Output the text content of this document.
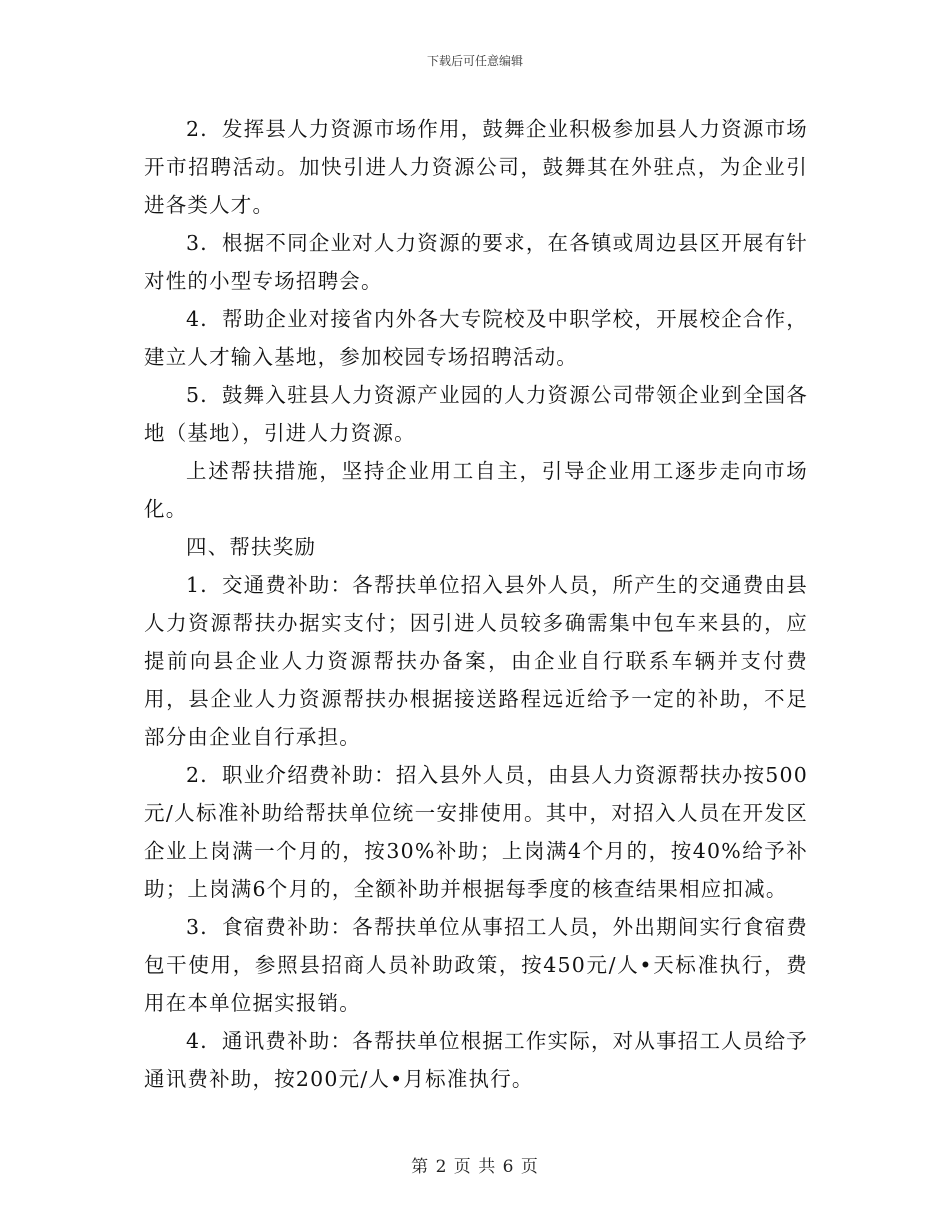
下载后可任意编辑

2．发挥县人力资源市场作用，鼓舞企业积极参加县人力资源市场开市招聘活动。加快引进人力资源公司，鼓舞其在外驻点，为企业引进各类人才。

3．根据不同企业对人力资源的要求，在各镇或周边县区开展有针对性的小型专场招聘会。

4．帮助企业对接省内外各大专院校及中职学校，开展校企合作，建立人才输入基地，参加校园专场招聘活动。

5．鼓舞入驻县人力资源产业园的人力资源公司带领企业到全国各地（基地），引进人力资源。

上述帮扶措施，坚持企业用工自主，引导企业用工逐步走向市场化。

四、帮扶奖励

1．交通费补助：各帮扶单位招入县外人员，所产生的交通费由县人力资源帮扶办据实支付；因引进人员较多确需集中包车来县的，应提前向县企业人力资源帮扶办备案，由企业自行联系车辆并支付费用，县企业人力资源帮扶办根据接送路程远近给予一定的补助，不足部分由企业自行承担。

2．职业介绍费补助：招入县外人员，由县人力资源帮扶办按500元/人标准补助给帮扶单位统一安排使用。其中，对招入人员在开发区企业上岗满一个月的，按30%补助；上岗满4个月的，按40%给予补助；上岗满6个月的，全额补助并根据每季度的核查结果相应扣减。

3．食宿费补助：各帮扶单位从事招工人员，外出期间实行食宿费包干使用，参照县招商人员补助政策，按450元/人•天标准执行，费用在本单位据实报销。

4．通讯费补助：各帮扶单位根据工作实际，对从事招工人员给予通讯费补助，按200元/人•月标准执行。

第 2 页 共 6 页
